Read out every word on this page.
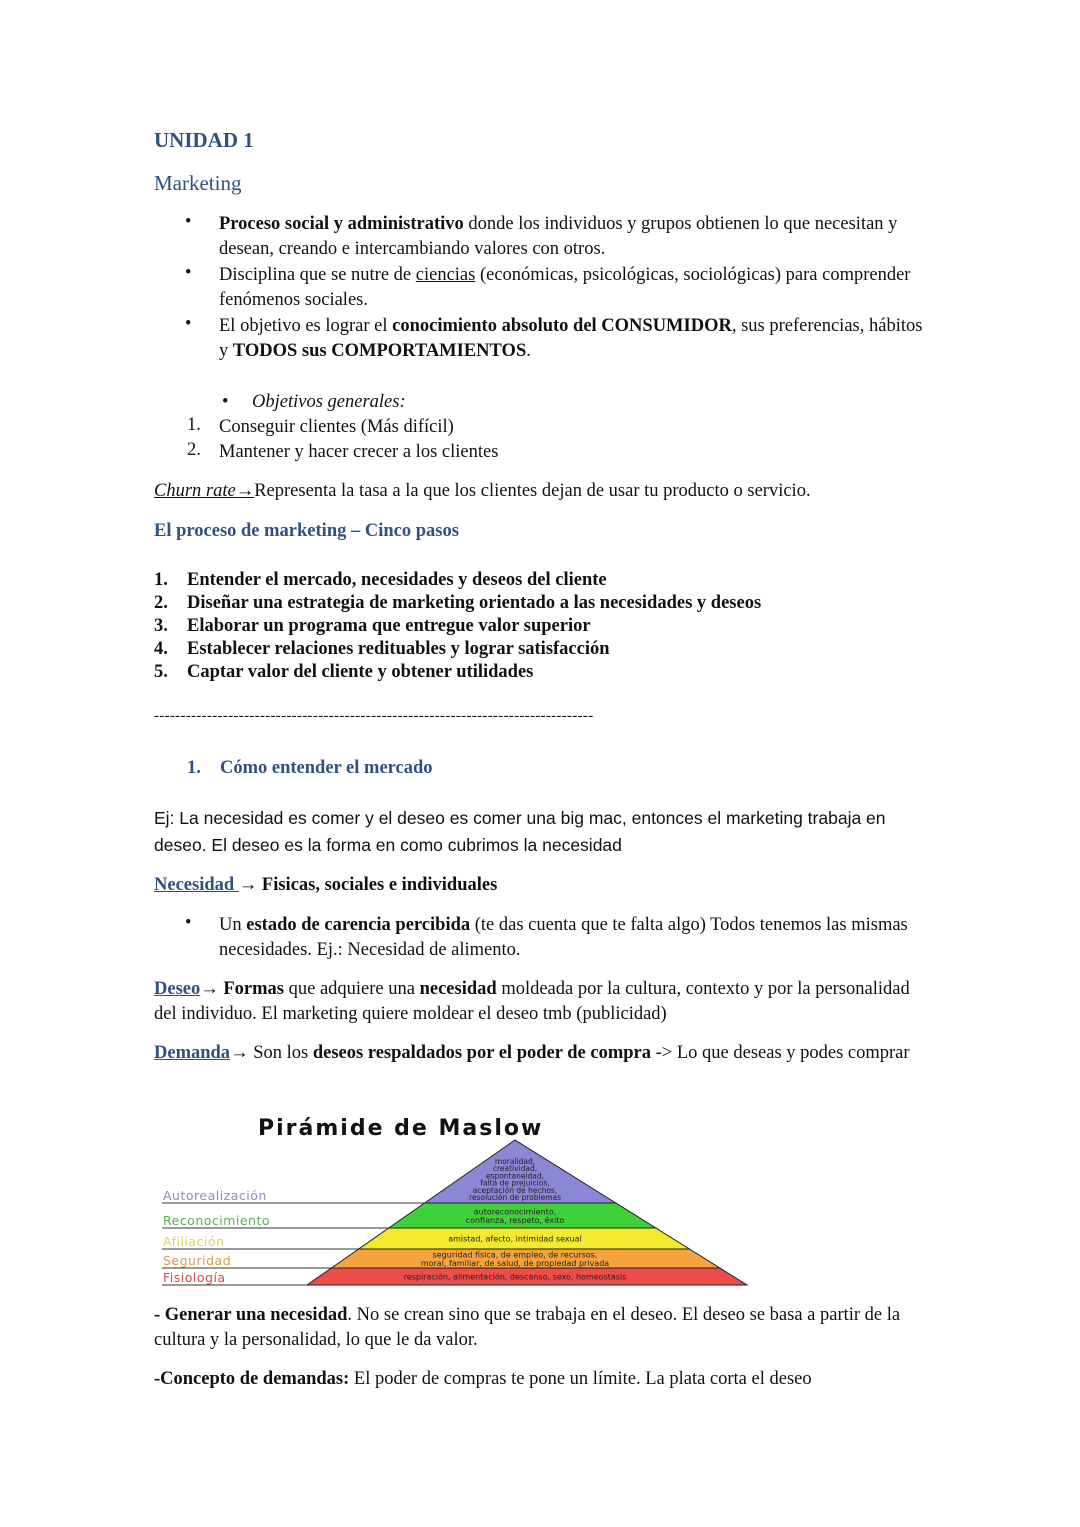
UNIDAD 1
Marketing
•	Proceso social y administrativo donde los individuos y grupos obtienen lo que necesitan y desean, creando e intercambiando valores con otros.
•	Disciplina que se nutre de ciencias (económicas, psicológicas, sociológicas) para comprender fenómenos sociales.
•	El objetivo es lograr el conocimiento absoluto del CONSUMIDOR, sus preferencias, hábitos y TODOS sus COMPORTAMIENTOS.
• Objetivos generales:
1. Conseguir clientes (Más difícil)
2. Mantener y hacer crecer a los clientes
Churn rate→Representa la tasa a la que los clientes dejan de usar tu producto o servicio.
El proceso de marketing – Cinco pasos
1. Entender el mercado, necesidades y deseos del cliente
2. Diseñar una estrategia de marketing orientado a las necesidades y deseos
3. Elaborar un programa que entregue valor superior
4. Establecer relaciones redituables y lograr satisfacción
5. Captar valor del cliente y obtener utilidades
-----------------------------------------------------------------------------------
1. Cómo entender el mercado
Ej: La necesidad es comer y el deseo es comer una big mac, entonces el marketing trabaja en deseo. El deseo es la forma en como cubrimos la necesidad
Necesidad → Fisicas, sociales e individuales
•	Un estado de carencia percibida (te das cuenta que te falta algo) Todos tenemos las mismas necesidades. Ej.: Necesidad de alimento.
Deseo→ Formas que adquiere una necesidad moldeada por la cultura, contexto y por la personalidad del individuo. El marketing quiere moldear el deseo tmb (publicidad)
Demanda→ Son los deseos respaldados por el poder de compra -> Lo que deseas y podes comprar
Pirámide de Maslow
Autorealización
moralidad,
creatividad,
espontaneidad,
falta de prejuicios,
aceptación de hechos,
resolución de problemas
Reconocimiento
autoreconocimiento,
confianza, respeto, éxito
Afiliación	amistad, afecto, intimidad sexual
Seguridad	seguridad física, de empleo, de recursos,
moral, familiar, de salud, de propiedad privada
Fisiología	respiración, alimentación, descanso, sexo, homeostasis
- Generar una necesidad. No se crean sino que se trabaja en el deseo. El deseo se basa a partir de la cultura y la personalidad, lo que le da valor.
-Concepto de demandas: El poder de compras te pone un límite. La plata corta el deseo
